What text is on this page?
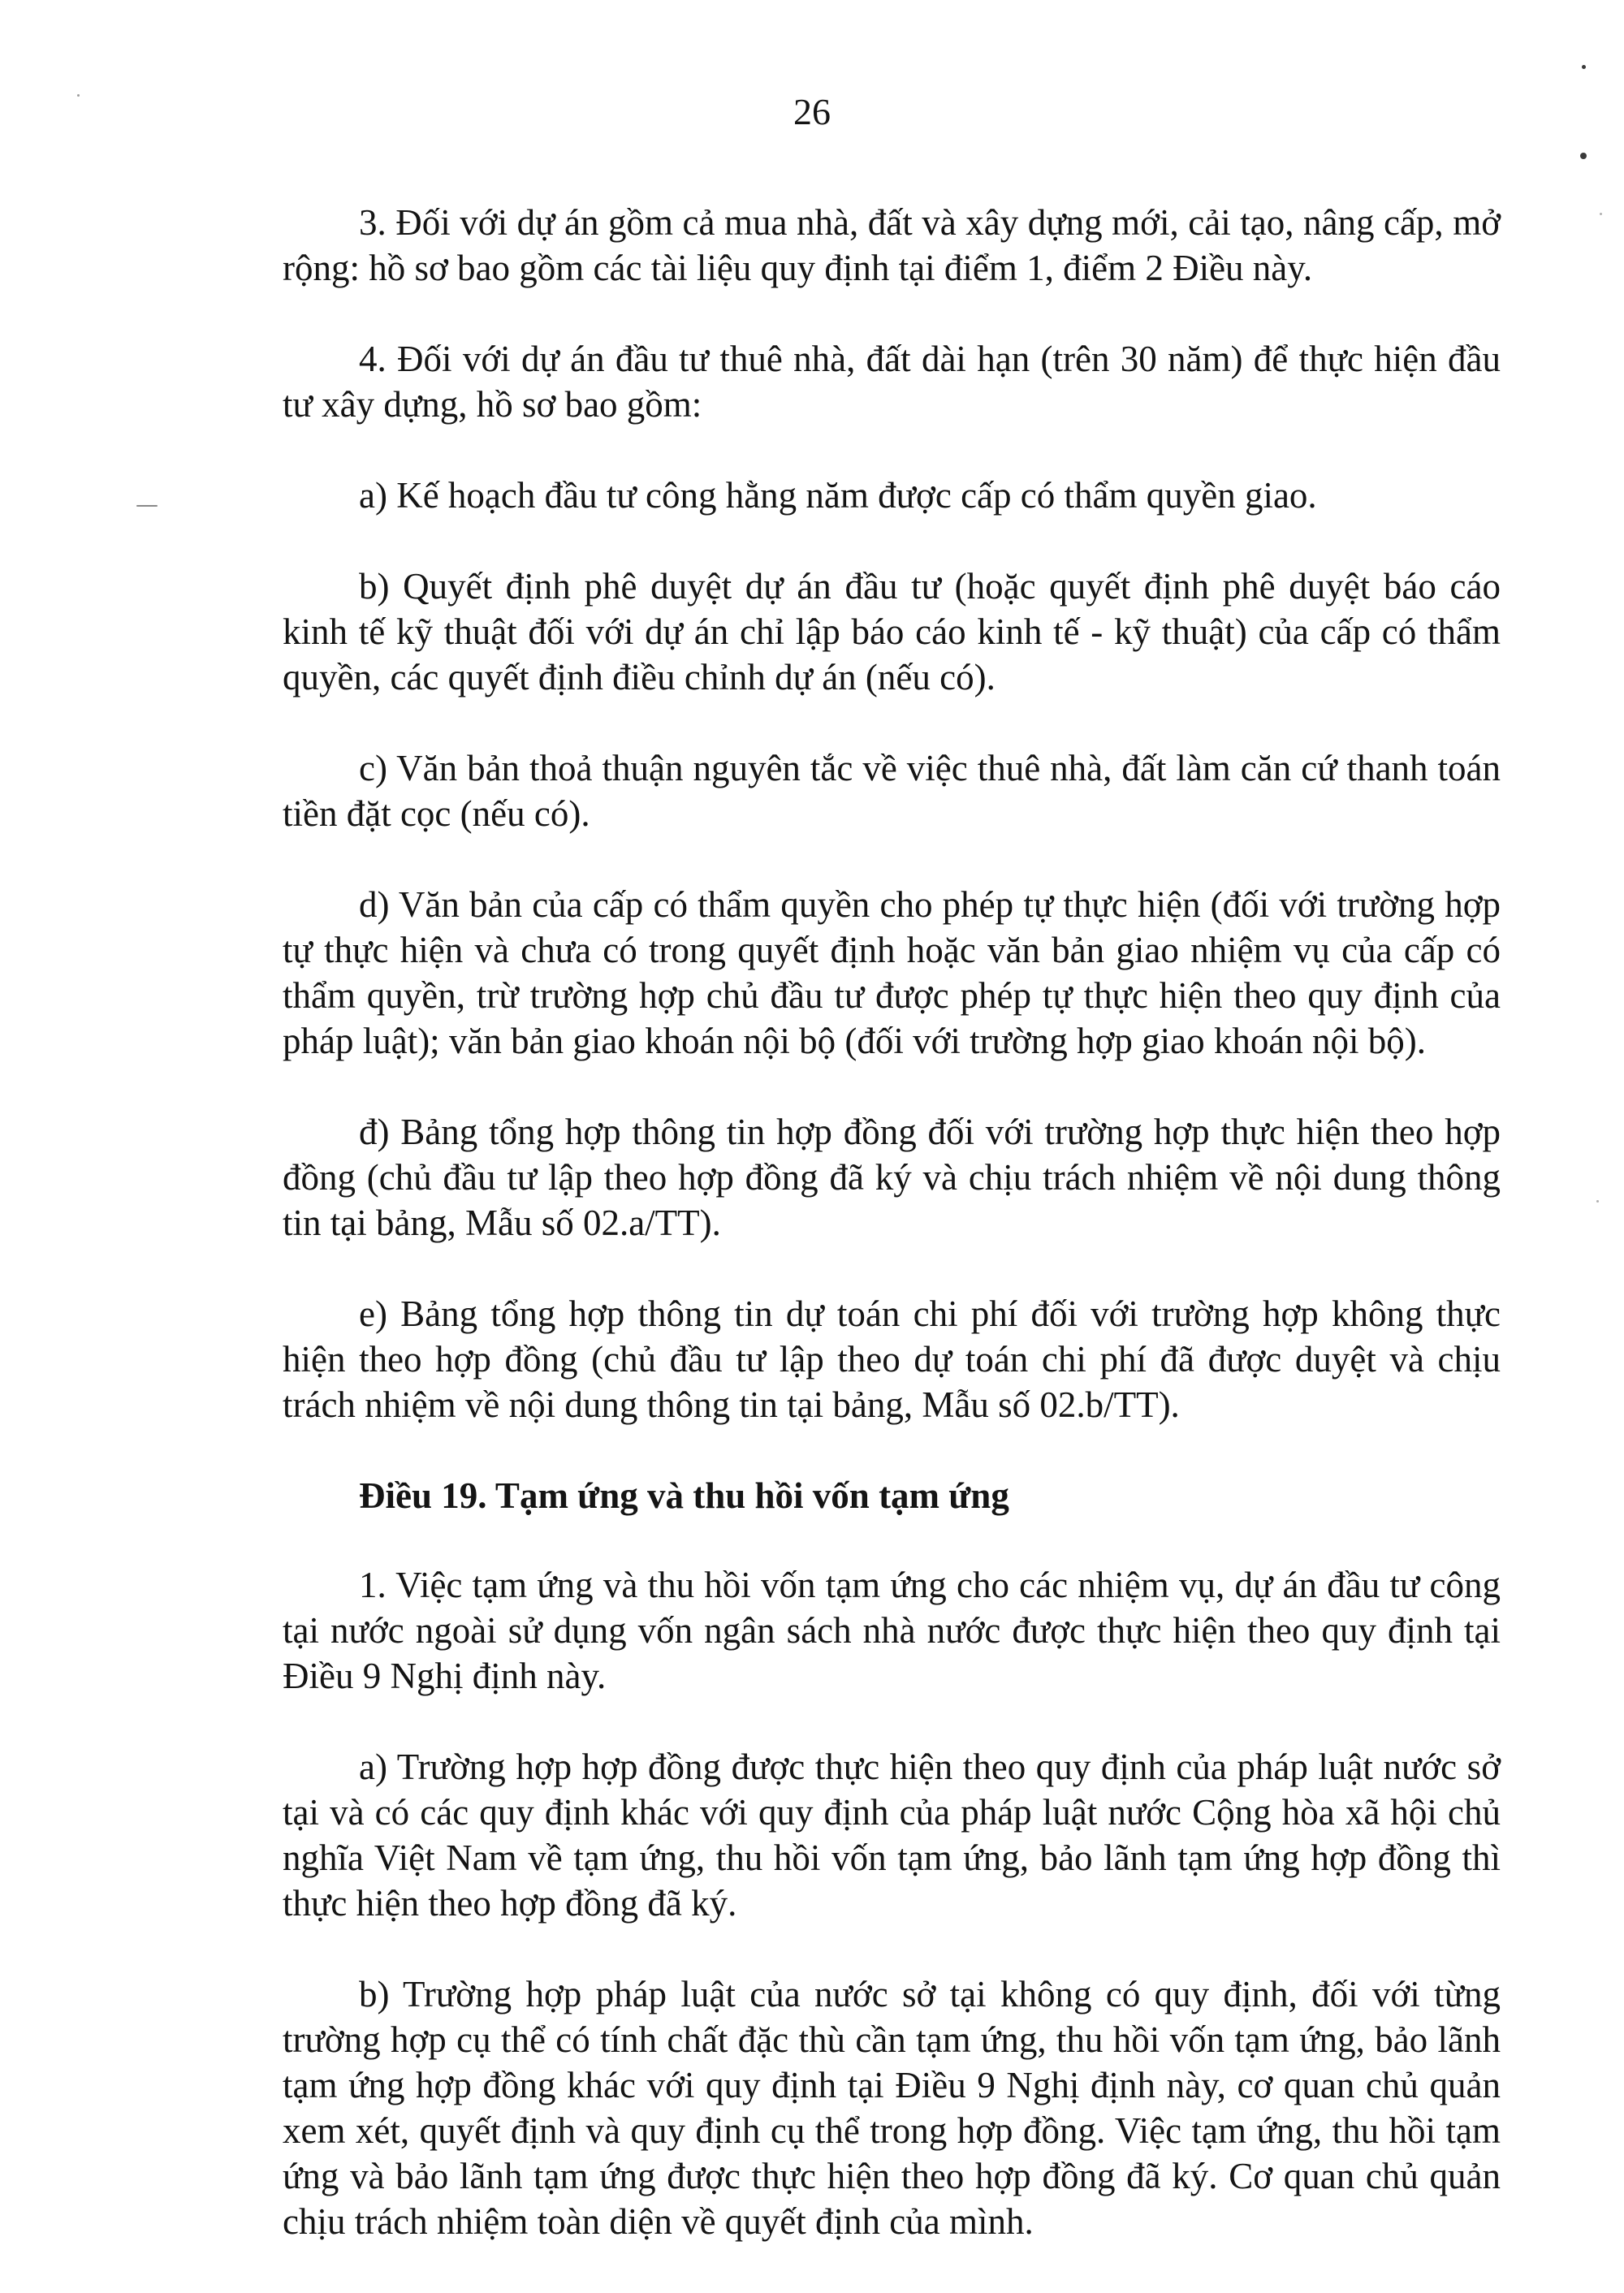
26

3. Đối với dự án gồm cả mua nhà, đất và xây dựng mới, cải tạo, nâng cấp, mở rộng: hồ sơ bao gồm các tài liệu quy định tại điểm 1, điểm 2 Điều này.

4. Đối với dự án đầu tư thuê nhà, đất dài hạn (trên 30 năm) để thực hiện đầu tư xây dựng, hồ sơ bao gồm:

a) Kế hoạch đầu tư công hằng năm được cấp có thẩm quyền giao.

b) Quyết định phê duyệt dự án đầu tư (hoặc quyết định phê duyệt báo cáo kinh tế kỹ thuật đối với dự án chỉ lập báo cáo kinh tế - kỹ thuật) của cấp có thẩm quyền, các quyết định điều chỉnh dự án (nếu có).

c) Văn bản thoả thuận nguyên tắc về việc thuê nhà, đất làm căn cứ thanh toán tiền đặt cọc (nếu có).

d) Văn bản của cấp có thẩm quyền cho phép tự thực hiện (đối với trường hợp tự thực hiện và chưa có trong quyết định hoặc văn bản giao nhiệm vụ của cấp có thẩm quyền, trừ trường hợp chủ đầu tư được phép tự thực hiện theo quy định của pháp luật); văn bản giao khoán nội bộ (đối với trường hợp giao khoán nội bộ).

đ) Bảng tổng hợp thông tin hợp đồng đối với trường hợp thực hiện theo hợp đồng (chủ đầu tư lập theo hợp đồng đã ký và chịu trách nhiệm về nội dung thông tin tại bảng, Mẫu số 02.a/TT).

e) Bảng tổng hợp thông tin dự toán chi phí đối với trường hợp không thực hiện theo hợp đồng (chủ đầu tư lập theo dự toán chi phí đã được duyệt và chịu trách nhiệm về nội dung thông tin tại bảng, Mẫu số 02.b/TT).

Điều 19. Tạm ứng và thu hồi vốn tạm ứng

1. Việc tạm ứng và thu hồi vốn tạm ứng cho các nhiệm vụ, dự án đầu tư công tại nước ngoài sử dụng vốn ngân sách nhà nước được thực hiện theo quy định tại Điều 9 Nghị định này.

a) Trường hợp hợp đồng được thực hiện theo quy định của pháp luật nước sở tại và có các quy định khác với quy định của pháp luật nước Cộng hòa xã hội chủ nghĩa Việt Nam về tạm ứng, thu hồi vốn tạm ứng, bảo lãnh tạm ứng hợp đồng thì thực hiện theo hợp đồng đã ký.

b) Trường hợp pháp luật của nước sở tại không có quy định, đối với từng trường hợp cụ thể có tính chất đặc thù cần tạm ứng, thu hồi vốn tạm ứng, bảo lãnh tạm ứng hợp đồng khác với quy định tại Điều 9 Nghị định này, cơ quan chủ quản xem xét, quyết định và quy định cụ thể trong hợp đồng. Việc tạm ứng, thu hồi tạm ứng và bảo lãnh tạm ứng được thực hiện theo hợp đồng đã ký. Cơ quan chủ quản chịu trách nhiệm toàn diện về quyết định của mình.
